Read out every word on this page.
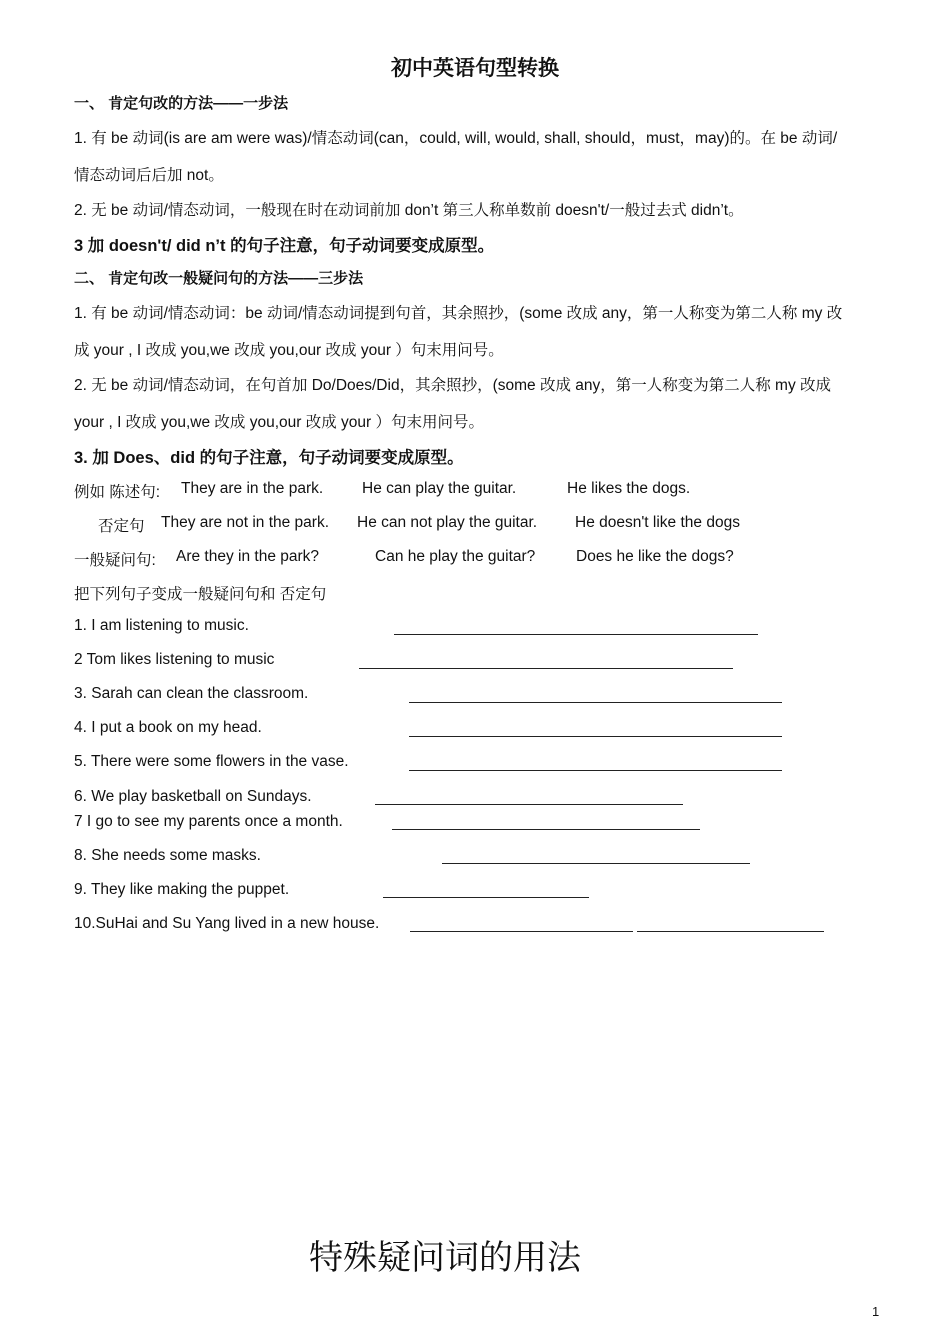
初中英语句型转换
一、 肯定句改的方法——一步法
1. 有 be 动词(is are am were was)/情态动词(can，could, will, would, shall, should，must，may)的。在 be 动词/
情态动词后后加 not。
2. 无 be 动词/情态动词，一般现在时在动词前加 don’t 第三人称单数前 doesn't/一般过去式 didn’t。
3 加 doesn't/ did n’t 的句子注意，句子动词要变成原型。
二、 肯定句改一般疑问句的方法——三步法
1. 有 be 动词/情态动词：be 动词/情态动词提到句首，其余照抄，(some 改成 any，第一人称变为第二人称 my 改
成 your , I 改成 you,we 改成 you,our 改成 your ）句末用问号。
2. 无 be 动词/情态动词，在句首加 Do/Does/Did，其余照抄，(some 改成 any，第一人称变为第二人称 my 改成
your , I 改成 you,we 改成 you,our 改成 your ）句末用问号。
3. 加 Does、did 的句子注意，句子动词要变成原型。
例如 陈述句: They are in the park.	He can play the guitar.	He likes the dogs.
否定句 They are not in the park. He can not play the guitar. He doesn't like the dogs
一般疑问句: Are they in the park?	Can he play the guitar?	Does he like the dogs?
把下列句子变成一般疑问句和 否定句
1. I am listening to music.
2 Tom likes listening to music
3. Sarah can clean the classroom.
4. I put a book on my head.
5. There were some flowers in the vase.
6. We play basketball on Sundays.
7 I go to see my parents once a month.
8. She needs some masks.
9. They like making the puppet.
10.SuHai and Su Yang lived in a new house.
特殊疑问词的用法
1
